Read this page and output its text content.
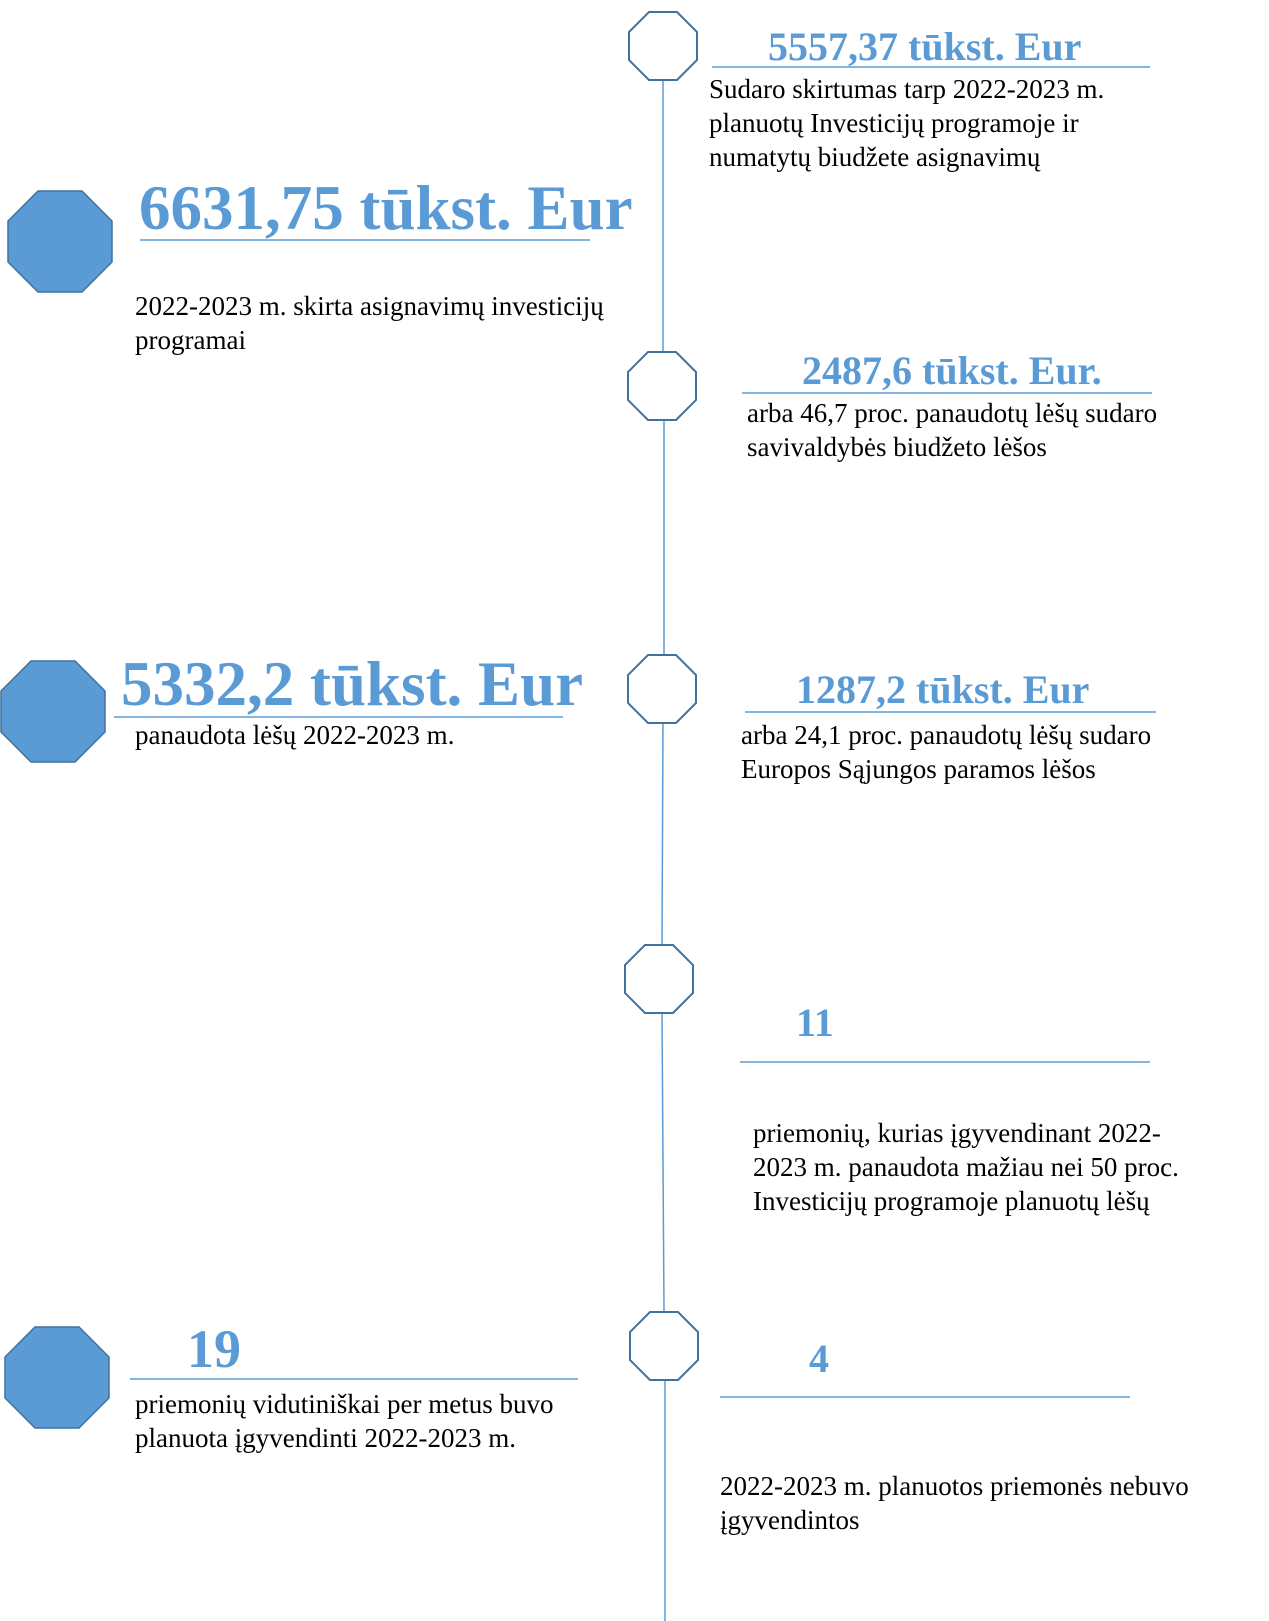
5557,37 tūkst. Eur
Sudaro skirtumas tarp 2022-2023 m.
planuotų Investicijų programoje ir
numatytų biudžete asignavimų
2487,6 tūkst. Eur.
arba 46,7 proc. panaudotų lėšų sudaro
savivaldybės biudžeto lėšos
1287,2 tūkst. Eur
arba 24,1 proc. panaudotų lėšų sudaro
Europos Sąjungos paramos lėšos
11
priemonių, kurias įgyvendinant 2022-
2023 m. panaudota mažiau nei 50 proc.
Investicijų programoje planuotų lėšų
4
2022-2023 m. planuotos priemonės nebuvo
įgyvendintos
6631,75 tūkst. Eur
2022-2023 m. skirta asignavimų investicijų
programai
5332,2 tūkst. Eur
panaudota lėšų 2022-2023 m.
19
priemonių vidutiniškai per metus buvo
planuota įgyvendinti 2022-2023 m.
